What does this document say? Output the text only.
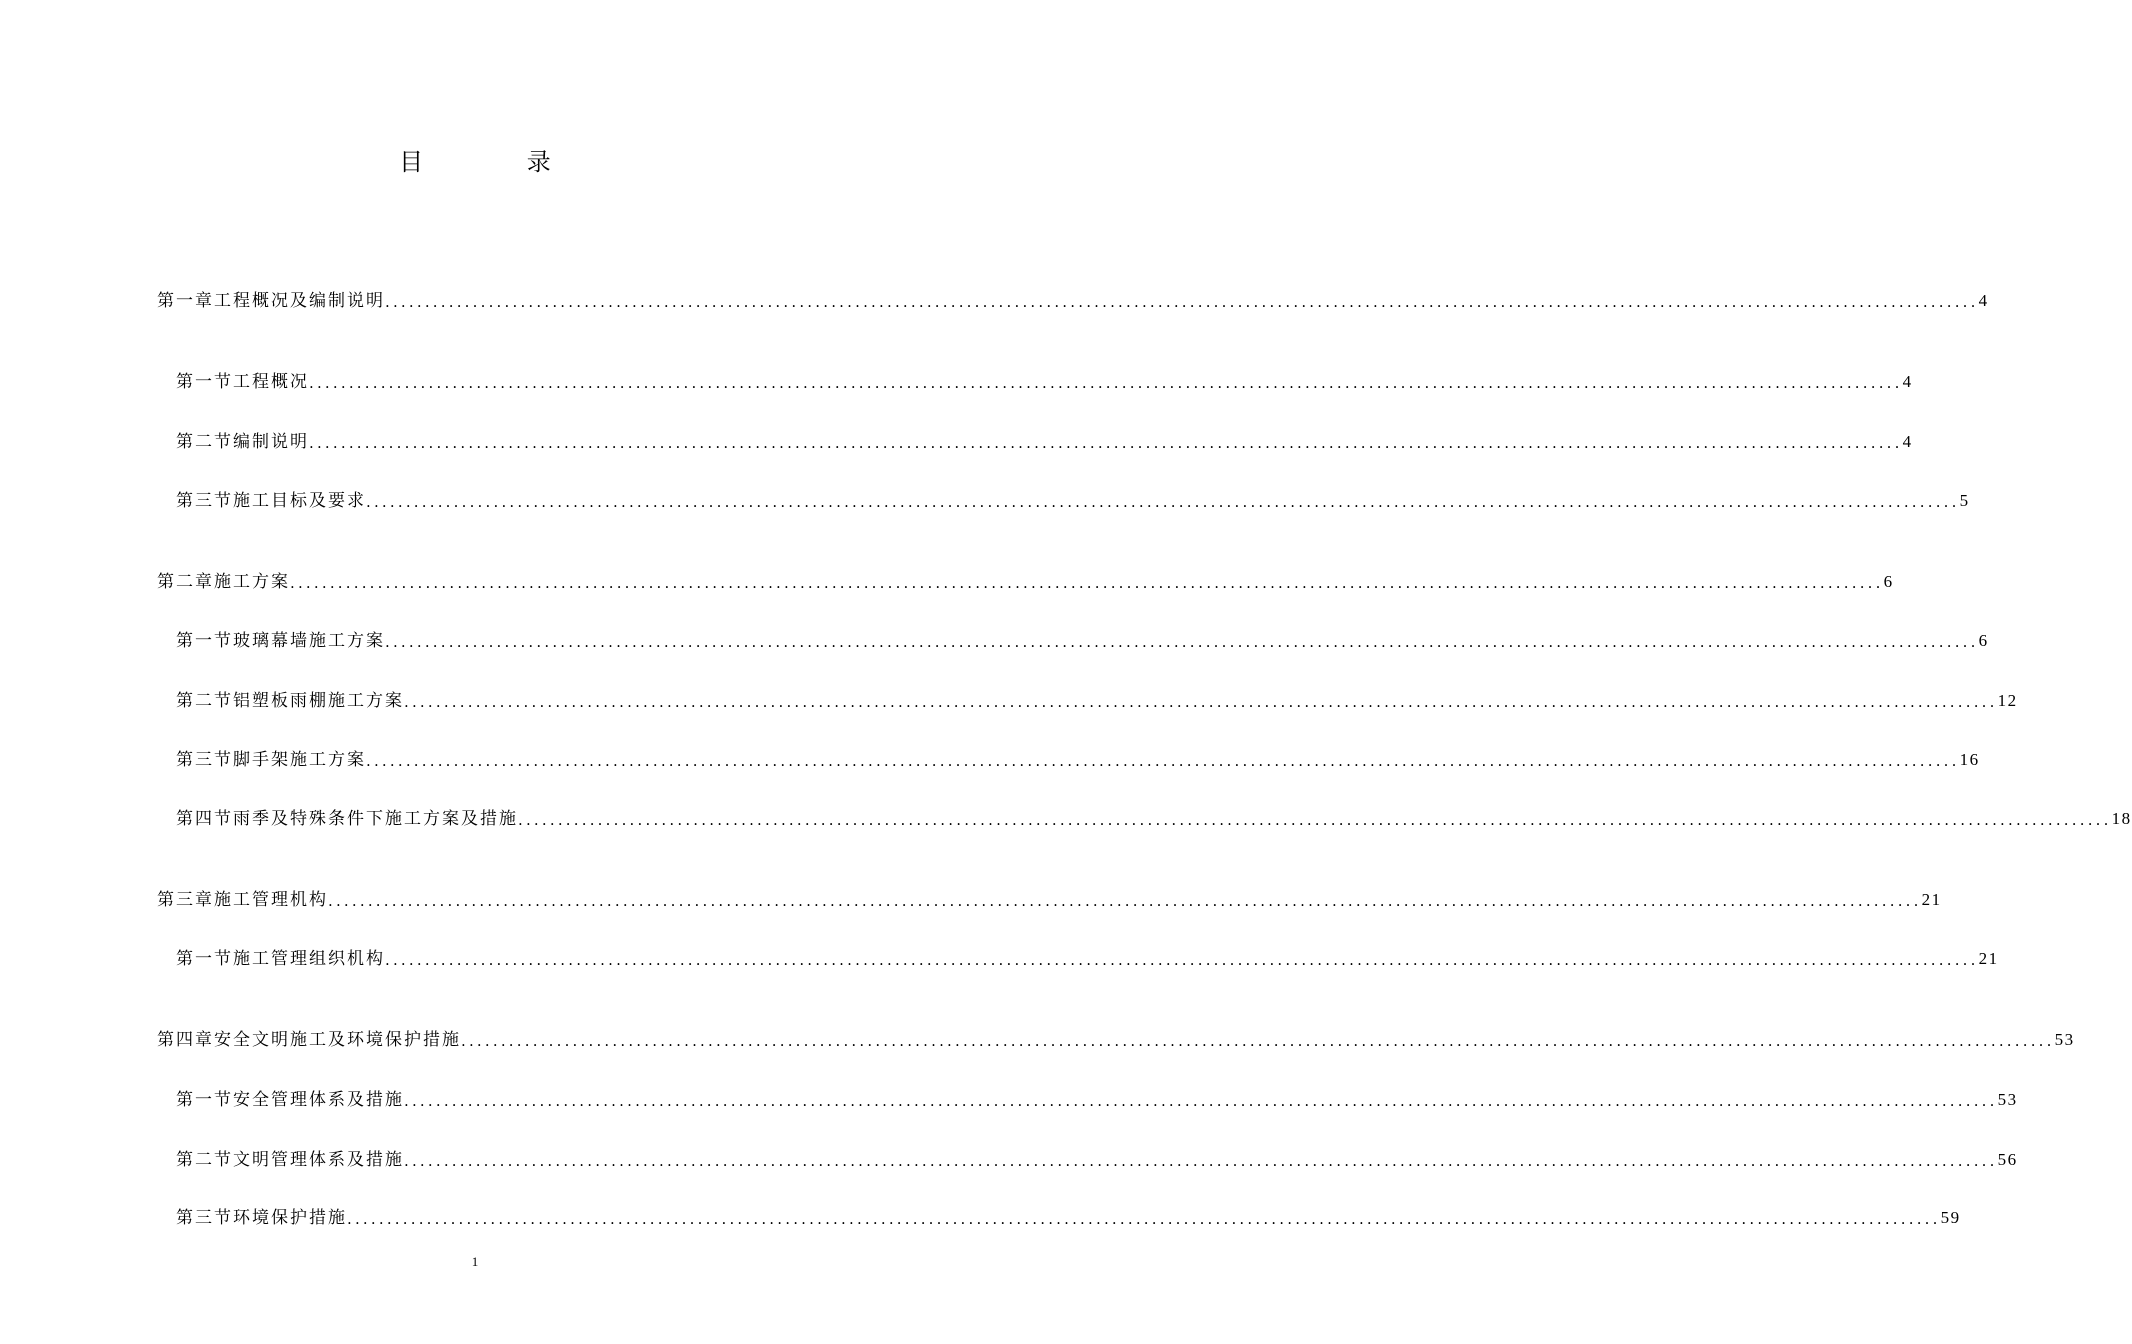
目 录
第一章 工程概况及编制说明 ........................................................................................................................................................................................................ 4
第一节 工程概况 ........................................................................................................................................................................................................ 4
第二节 编制说明 ........................................................................................................................................................................................................ 4
第三节 施工目标及要求 ........................................................................................................................................................................................................ 5
第二章 施工方案 ........................................................................................................................................................................................................ 6
第一节 玻璃幕墙施工方案 ........................................................................................................................................................................................................ 6
第二节 铝塑板雨棚施工方案 ........................................................................................................................................................................................................ 12
第三节 脚手架施工方案 ........................................................................................................................................................................................................ 16
第四节 雨季及特殊条件下施工方案及措施 ........................................................................................................................................................................................................ 18
第三章 施工管理机构 ........................................................................................................................................................................................................ 21
第一节 施工管理组织机构 ........................................................................................................................................................................................................ 21
第四章 安全文明施工及环境保护措施 ........................................................................................................................................................................................................ 53
第一节 安全管理体系及措施 ........................................................................................................................................................................................................ 53
第二节 文明管理体系及措施 ........................................................................................................................................................................................................ 56
第三节 环境保护措施 ........................................................................................................................................................................................................ 59
1
